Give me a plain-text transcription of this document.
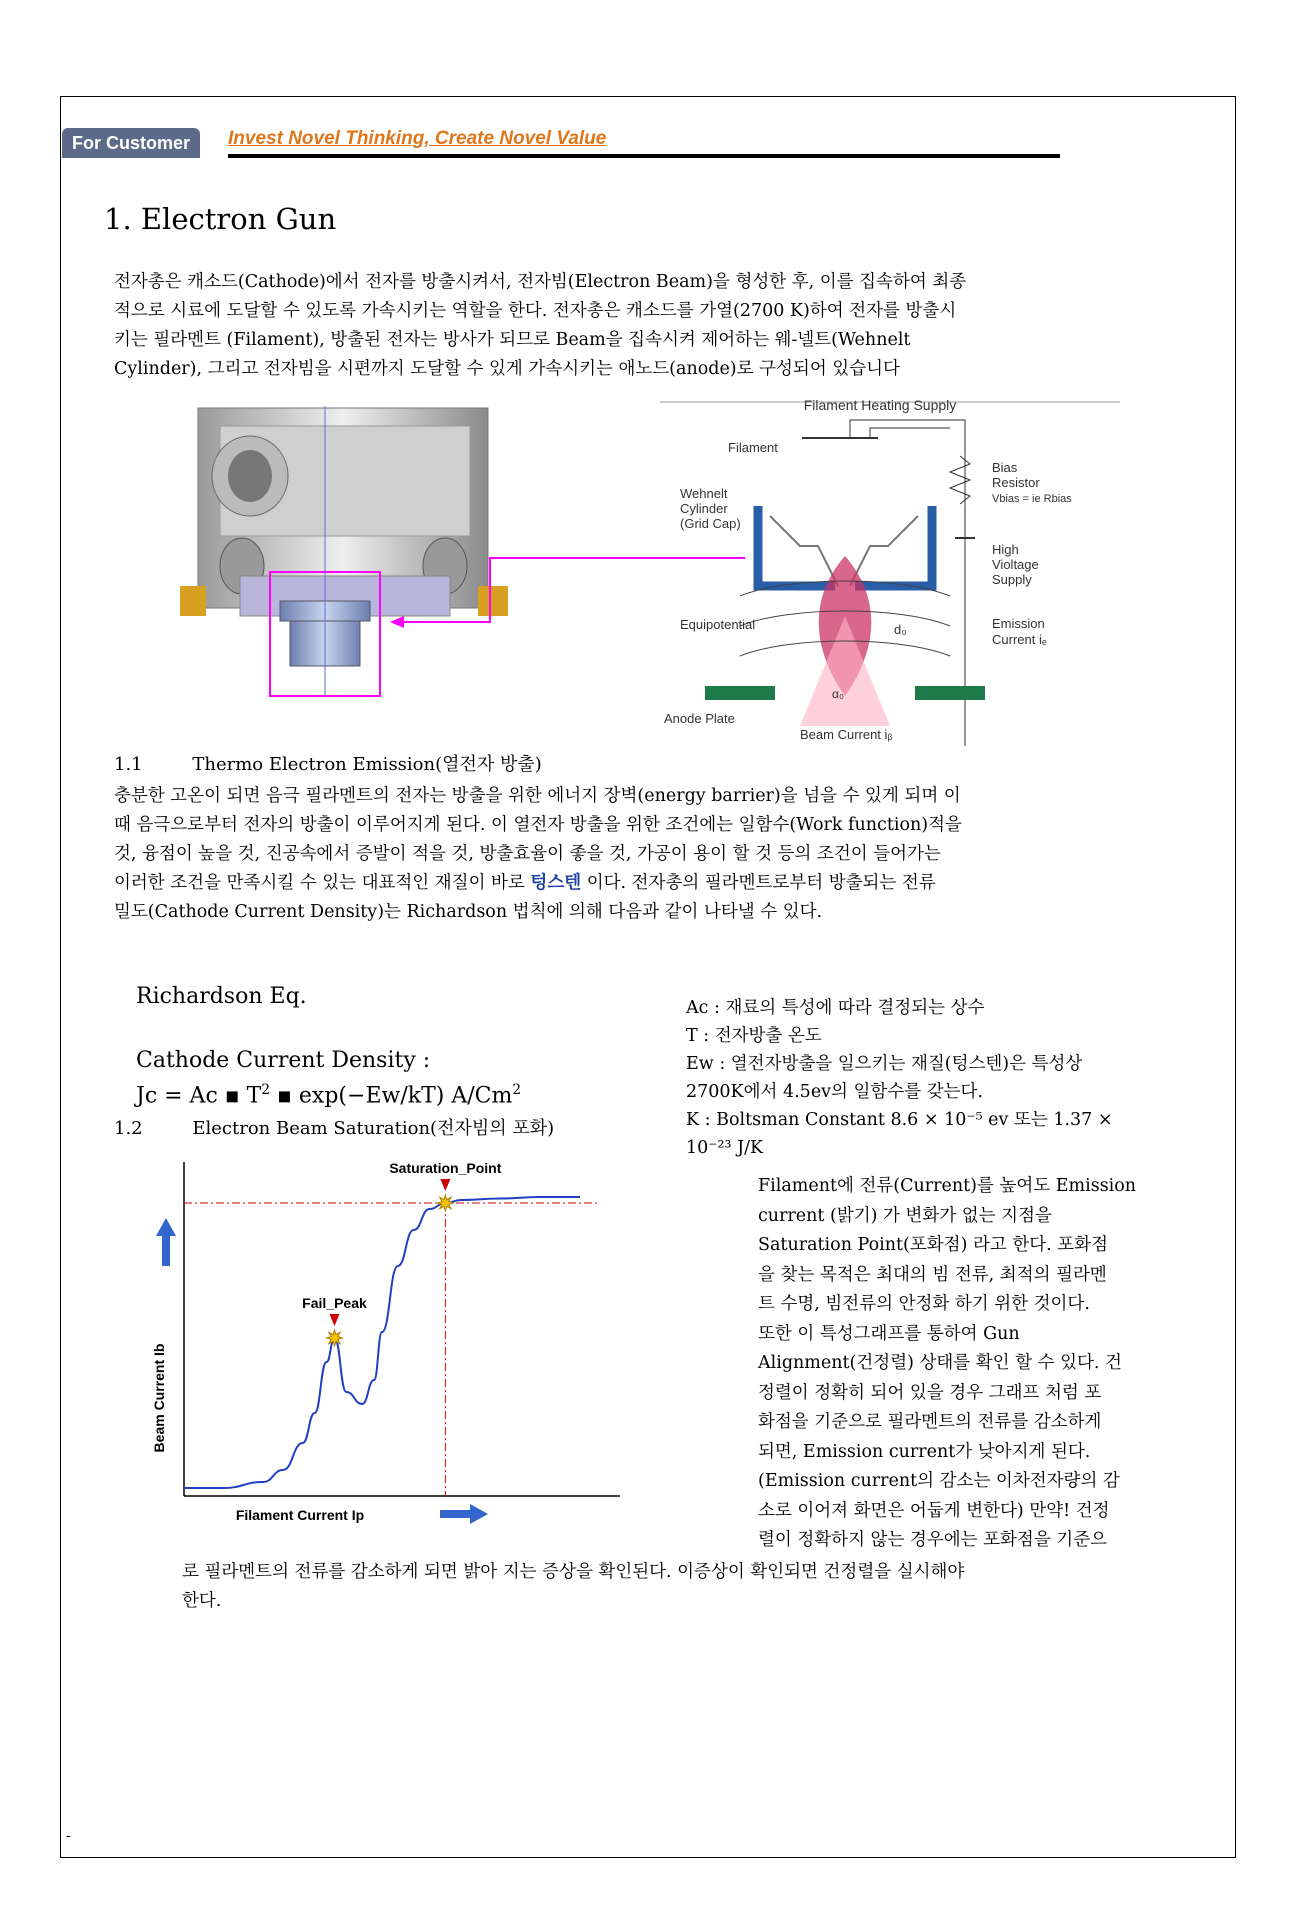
For Customer	Invest Novel Thinking, Create Novel Value
1. Electron Gun
전자총은 캐소드(Cathode)에서 전자를 방출시켜서, 전자빔(Electron Beam)을 형성한 후, 이를 집속하여 최종
적으로 시료에 도달할 수 있도록 가속시키는 역할을 한다. 전자총은 캐소드를 가열(2700 K)하여 전자를 방출시
키는 필라멘트 (Filament), 방출된 전자는 방사가 되므로 Beam을 집속시켜 제어하는 웨-넬트(Wehnelt
Cylinder), 그리고 전자빔을 시편까지 도달할 수 있게 가속시키는 애노드(anode)로 구성되어 있습니다
Filament Heating Supply
Filament
Wehnelt
Cylinder
(Grid Cap)
Bias
Resistor
Vbias = ie Rbias
High
Violtage
Supply
Equipotential	d₀	Emission
Current iₑ
α₀
Anode Plate
Beam Current iᵦ
1.1	Thermo Electron Emission(열전자 방출)
충분한 고온이 되면 음극 필라멘트의 전자는 방출을 위한 에너지 장벽(energy barrier)을 넘을 수 있게 되며 이
때 음극으로부터 전자의 방출이 이루어지게 된다. 이 열전자 방출을 위한 조건에는 일함수(Work function)적을
것, 융점이 높을 것, 진공속에서 증발이 적을 것, 방출효율이 좋을 것, 가공이 용이 할 것 등의 조건이 들어가는
이러한 조건을 만족시킬 수 있는 대표적인 재질이 바로 텅스텐 이다. 전자총의 필라멘트로부터 방출되는 전류
밀도(Cathode Current Density)는 Richardson 법칙에 의해 다음과 같이 나타낼 수 있다.
Richardson Eq.
Cathode Current Density :
Jc = Ac ▪ $T^2$ ▪ exp(−Ew/kT) A/Cm$^2$
Ac : 재료의 특성에 따라 결정되는 상수
T : 전자방출 온도
Ew : 열전자방출을 일으키는 재질(텅스텐)은 특성상
2700K에서 4.5ev의 일함수를 갖는다.
K : Boltsman Constant 8.6 × 10⁻⁵ ev 또는 1.37 ×
10⁻²³ J/K
1.2	Electron Beam Saturation(전자빔의 포화)
Beam Current Ib
Filament Current Ip
Saturation_Point
Fail_Peak
Filament에 전류(Current)를 높여도 Emission
current (밝기) 가 변화가 없는 지점을
Saturation Point(포화점) 라고 한다. 포화점
을 찾는 목적은 최대의 빔 전류, 최적의 필라멘
트 수명, 빔전류의 안정화 하기 위한 것이다.
또한 이 특성그래프를 통하여 Gun
Alignment(건정렬) 상태를 확인 할 수 있다. 건
정렬이 정확히 되어 있을 경우 그래프 처럼 포
화점을 기준으로 필라멘트의 전류를 감소하게
되면, Emission current가 낮아지게 된다.
(Emission current의 감소는 이차전자량의 감
소로 이어져 화면은 어둡게 변한다) 만약! 건정
렬이 정확하지 않는 경우에는 포화점을 기준으
로 필라멘트의 전류를 감소하게 되면 밝아 지는 증상을 확인된다. 이증상이 확인되면 건정렬을 실시해야
한다.
-
